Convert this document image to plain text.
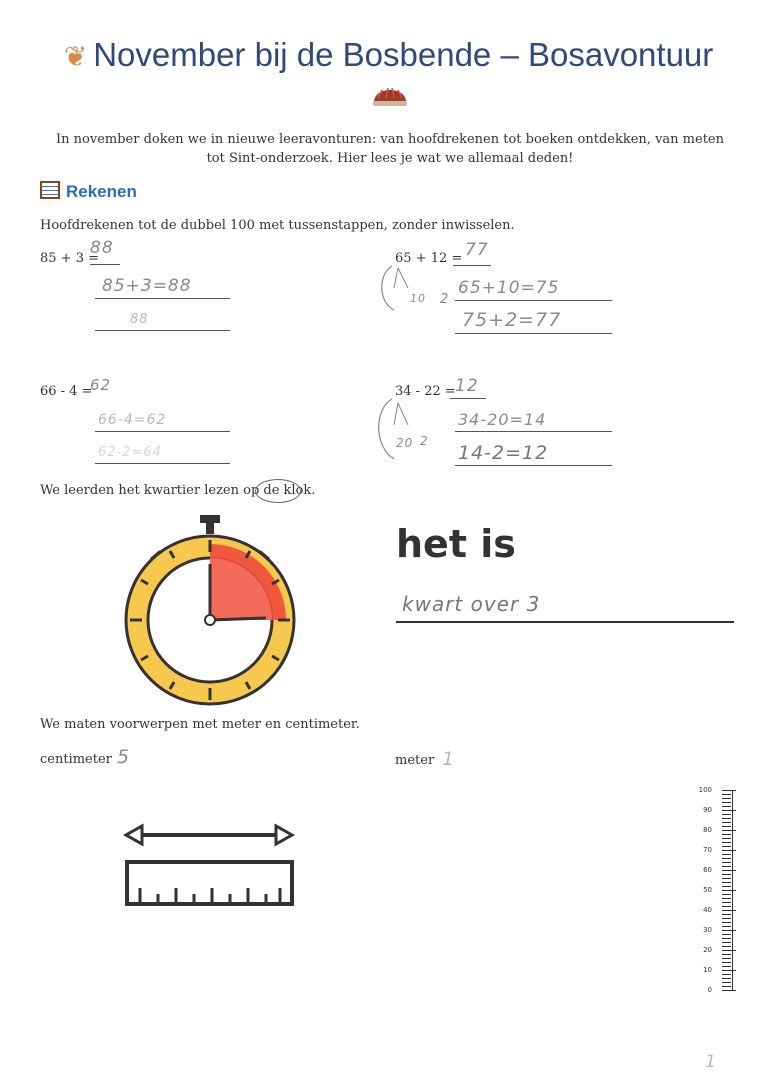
❦ November bij de Bosbende – Bosavontuur
In november doken we in nieuwe leeravonturen: van hoofdrekenen tot boeken ontdekken, van meten tot Sint-onderzoek. Hier lees je wat we allemaal deden!
Rekenen
Hoofdrekenen tot de dubbel 100 met tussenstappen, zonder inwisselen.
85 + 3 =
88
85+3=88
88
65 + 12 = 77
10 2
65+10=75
75+2=77
66 - 4 =
62
66-4=62
62-2=64
34 - 22 = 12
20 2
34-20=14
14-2=12
We leerden het kwartier lezen op de klok.
het is
kwart over 3
We maten voorwerpen met meter en centimeter.
centimeter 5	meter 1
100
90
80
70
60
50
40
30
20
10
0
1
